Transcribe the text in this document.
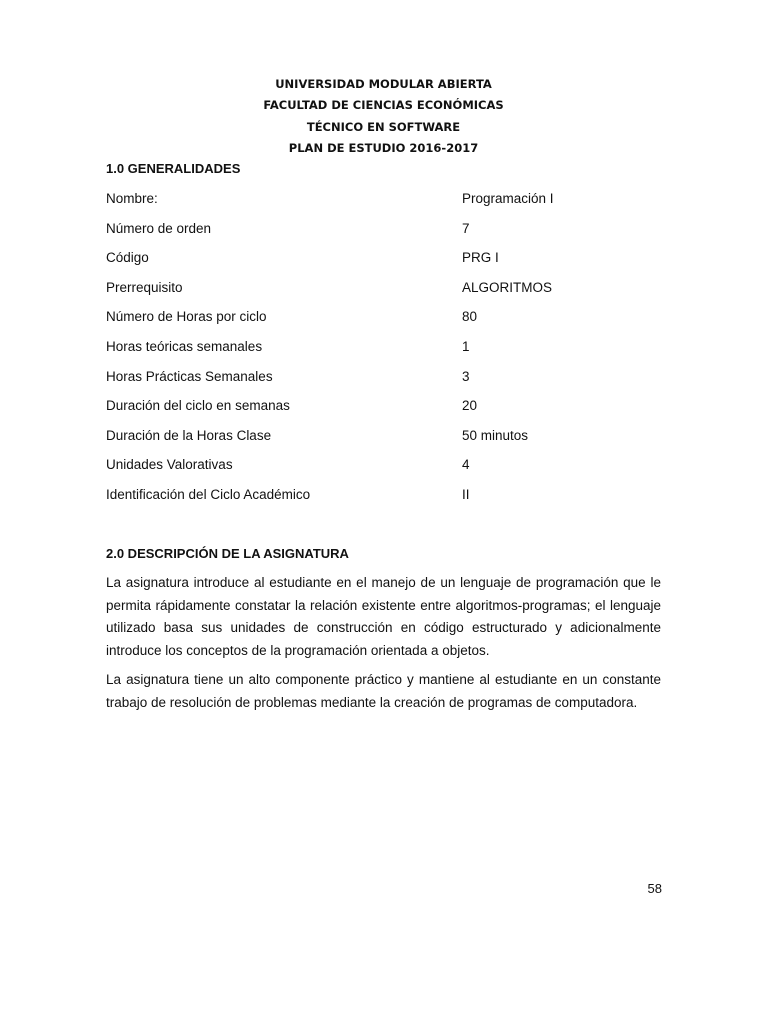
UNIVERSIDAD MODULAR ABIERTA
FACULTAD DE CIENCIAS ECONÓMICAS
TÉCNICO EN SOFTWARE
PLAN DE ESTUDIO 2016-2017
1.0 GENERALIDADES
Nombre:	Programación I
Número de orden	7
Código	PRG I
Prerrequisito	ALGORITMOS
Número de Horas por ciclo	80
Horas teóricas semanales	1
Horas Prácticas Semanales	3
Duración del ciclo en semanas	20
Duración de la Horas Clase	50 minutos
Unidades Valorativas	4
Identificación del Ciclo Académico	II
2.0 DESCRIPCIÓN DE LA ASIGNATURA
La asignatura introduce al estudiante en el manejo de un lenguaje de programación que le
permita rápidamente constatar la relación existente entre algoritmos-programas; el lenguaje
utilizado basa sus unidades de construcción en código estructurado y adicionalmente
introduce los conceptos de la programación orientada a objetos.
La asignatura tiene un alto componente práctico y mantiene al estudiante en un constante
trabajo de resolución de problemas mediante la creación de programas de computadora.
58
